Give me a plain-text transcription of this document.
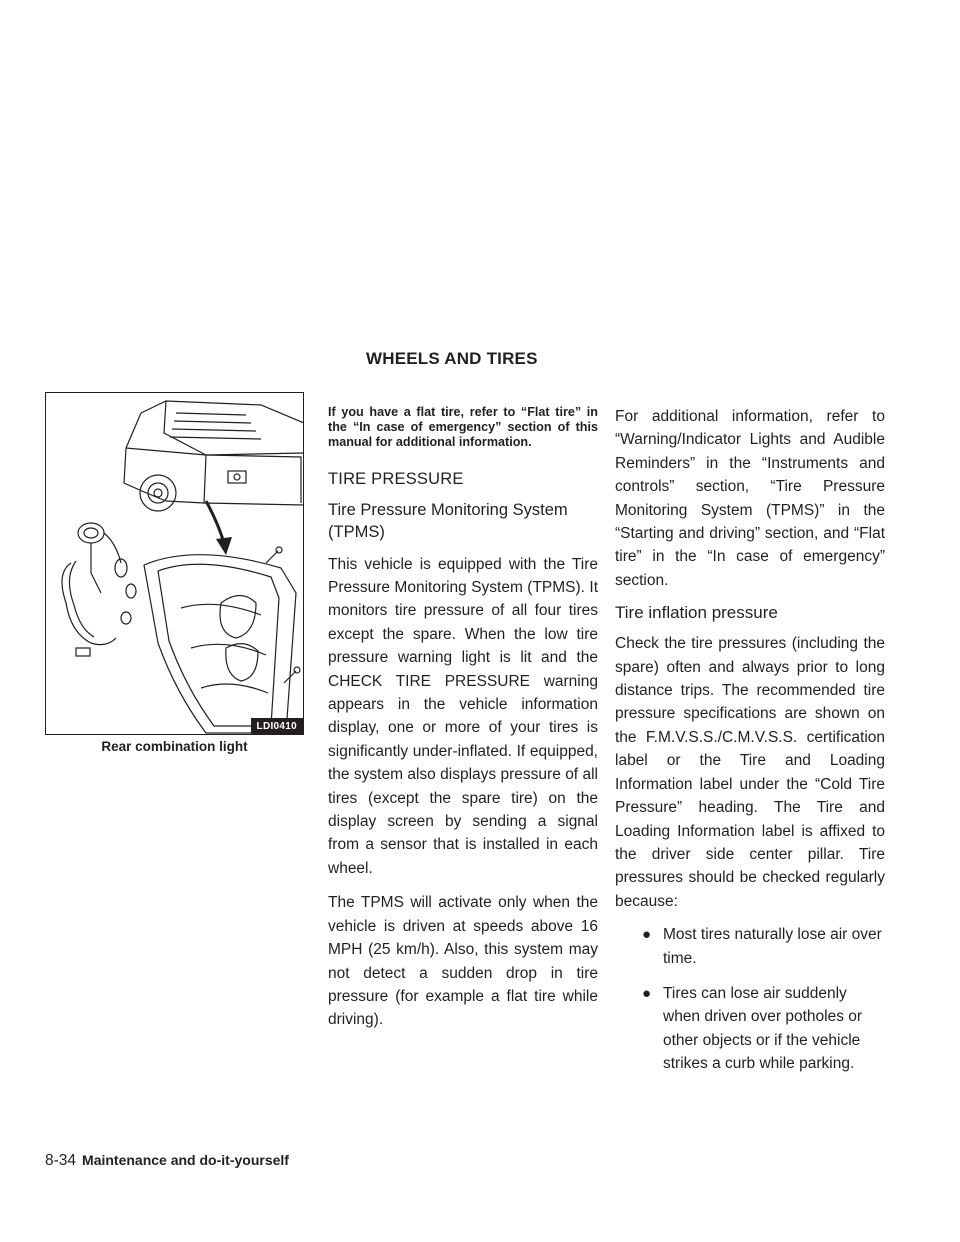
WHEELS AND TIRES
LDI0410
Rear combination light
If you have a flat tire, refer to “Flat tire” in the “In case of emergency” section of this manual for additional information.
TIRE PRESSURE
Tire Pressure Monitoring System (TPMS)

This vehicle is equipped with the Tire Pressure Monitoring System (TPMS). It monitors tire pressure of all four tires except the spare. When the low tire pressure warning light is lit and the CHECK TIRE PRESSURE warning appears in the vehicle information display, one or more of your tires is significantly under-inflated. If equipped, the system also displays pressure of all tires (except the spare tire) on the display screen by sending a signal from a sensor that is installed in each wheel.

The TPMS will activate only when the vehicle is driven at speeds above 16 MPH (25 km/h). Also, this system may not detect a sudden drop in tire pressure (for example a flat tire while driving).

For additional information, refer to “Warning/Indicator Lights and Audible Reminders” in the “Instruments and controls” section, “Tire Pressure Monitoring System (TPMS)” in the “Starting and driving” section, and “Flat tire” in the “In case of emergency” section.

Tire inflation pressure

Check the tire pressures (including the spare) often and always prior to long distance trips. The recommended tire pressure specifications are shown on the F.M.V.S.S./C.M.V.S.S. certification label or the Tire and Loading Information label under the “Cold Tire Pressure” heading. The Tire and Loading Information label is affixed to the driver side center pillar. Tire pressures should be checked regularly because:

● Most tires naturally lose air over time.
● Tires can lose air suddenly when driven over potholes or other objects or if the vehicle strikes a curb while parking.
8-34 Maintenance and do-it-yourself
